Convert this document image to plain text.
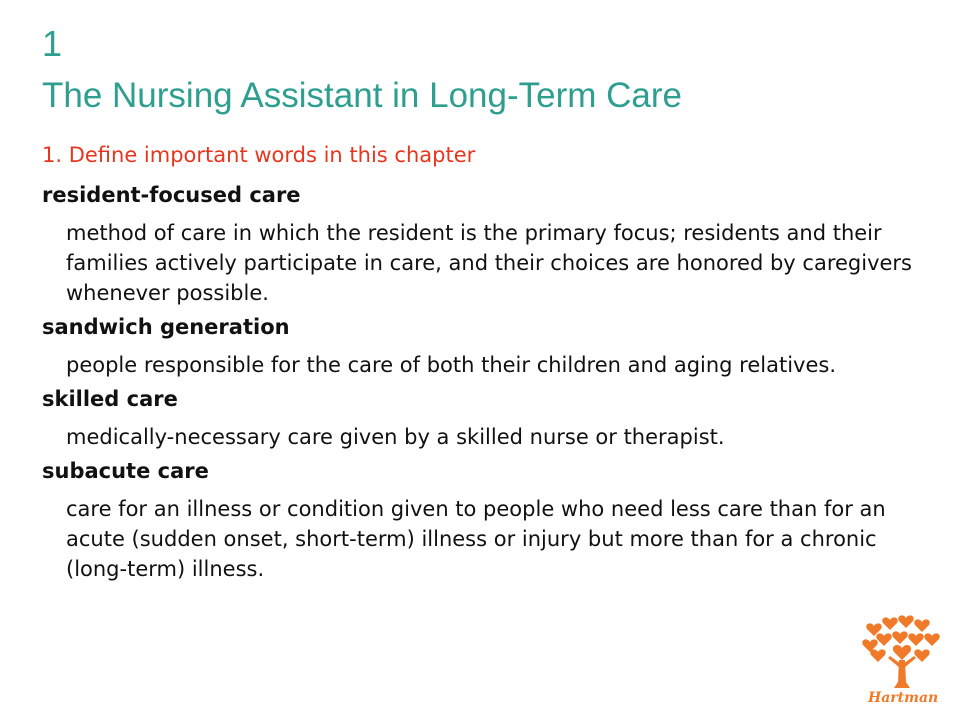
1
The Nursing Assistant in Long-Term Care

1. Define important words in this chapter

resident-focused care

method of care in which the resident is the primary focus; residents and their families actively participate in care, and their choices are honored by caregivers whenever possible.

sandwich generation

people responsible for the care of both their children and aging relatives.

skilled care

medically-necessary care given by a skilled nurse or therapist.

subacute care

care for an illness or condition given to people who need less care than for an acute (sudden onset, short-term) illness or injury but more than for a chronic (long-term) illness.

Hartman
